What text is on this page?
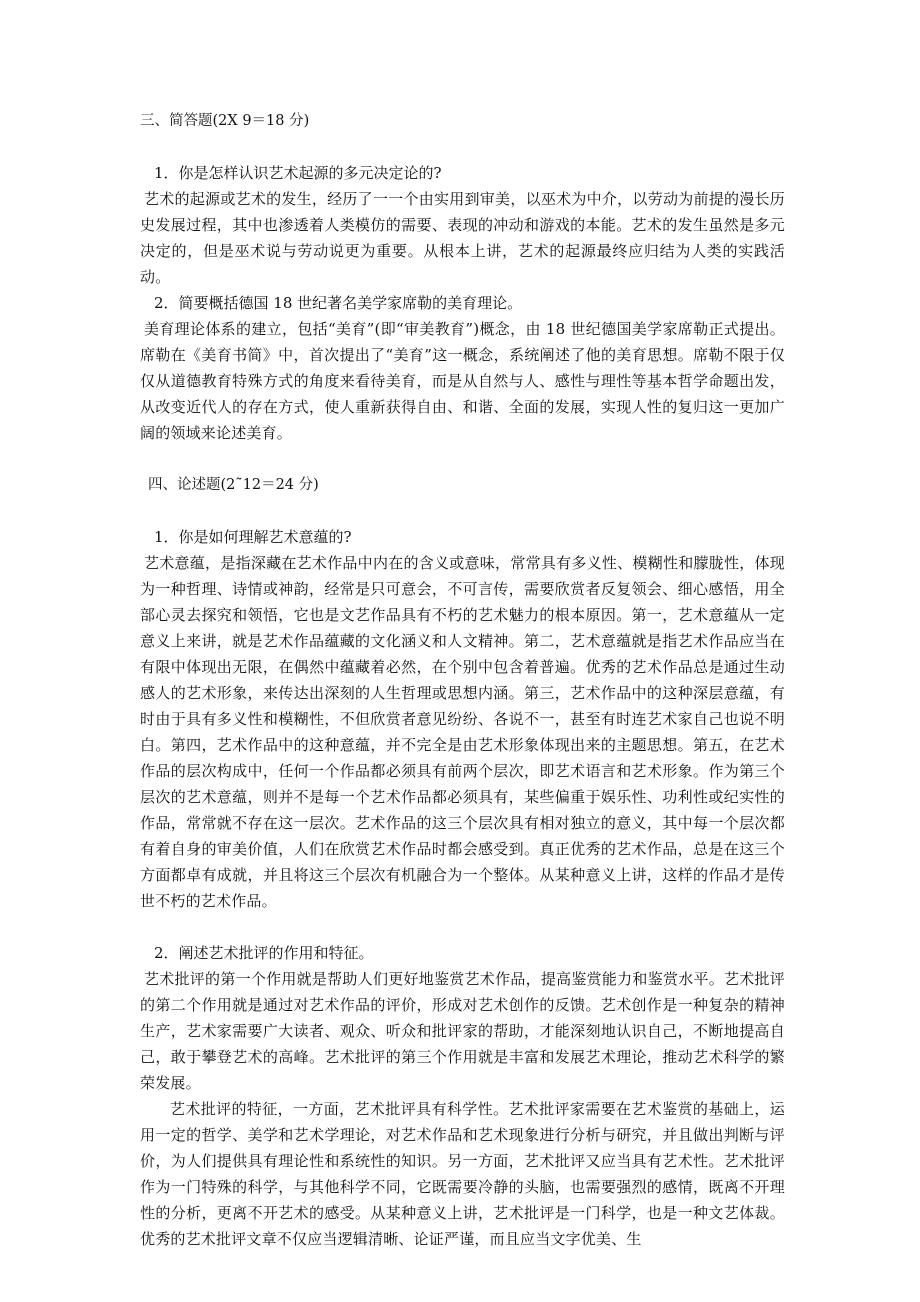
三、简答题(2X 9＝18 分)

1．你是怎样认识艺术起源的多元决定论的?

艺术的起源或艺术的发生，经历了一一个由实用到审美，以巫术为中介，以劳动为前提的漫长历史发展过程，其中也渗透着人类模仿的需要、表现的冲动和游戏的本能。艺术的发生虽然是多元决定的，但是巫术说与劳动说更为重要。从根本上讲，艺术的起源最终应归结为人类的实践活动。

2．简要概括德国 18 世纪著名美学家席勒的美育理论。

美育理论体系的建立，包括“美育”(即“审美教育”)概念，由 18 世纪德国美学家席勒正式提出。席勒在《美育书简》中，首次提出了“美育”这一概念，系统阐述了他的美育思想。席勒不限于仅仅从道德教育特殊方式的角度来看待美育，而是从自然与人、感性与理性等基本哲学命题出发，从改变近代人的存在方式，使人重新获得自由、和谐、全面的发展，实现人性的复归这一更加广阔的领域来论述美育。

四、论述题(2˜12＝24 分)

1．你是如何理解艺术意蕴的?

艺术意蕴，是指深藏在艺术作品中内在的含义或意味，常常具有多义性、模糊性和朦胧性，体现为一种哲理、诗情或神韵，经常是只可意会，不可言传，需要欣赏者反复领会、细心感悟，用全部心灵去探究和领悟，它也是文艺作品具有不朽的艺术魅力的根本原因。第一，艺术意蕴从一定意义上来讲，就是艺术作品蕴藏的文化涵义和人文精神。第二，艺术意蕴就是指艺术作品应当在有限中体现出无限，在偶然中蕴藏着必然，在个别中包含着普遍。优秀的艺术作品总是通过生动感人的艺术形象，来传达出深刻的人生哲理或思想内涵。第三，艺术作品中的这种深层意蕴，有时由于具有多义性和模糊性，不但欣赏者意见纷纷、各说不一，甚至有时连艺术家自己也说不明白。第四，艺术作品中的这种意蕴，并不完全是由艺术形象体现出来的主题思想。第五，在艺术作品的层次构成中，任何一个作品都必须具有前两个层次，即艺术语言和艺术形象。作为第三个层次的艺术意蕴，则并不是每一个艺术作品都必须具有，某些偏重于娱乐性、功利性或纪实性的作品，常常就不存在这一层次。艺术作品的这三个层次具有相对独立的意义，其中每一个层次都有着自身的审美价值，人们在欣赏艺术作品时都会感受到。真正优秀的艺术作品，总是在这三个方面都卓有成就，并且将这三个层次有机融合为一个整体。从某种意义上讲，这样的作品才是传世不朽的艺术作品。

2．阐述艺术批评的作用和特征。

艺术批评的第一个作用就是帮助人们更好地鉴赏艺术作品，提高鉴赏能力和鉴赏水平。艺术批评的第二个作用就是通过对艺术作品的评价，形成对艺术创作的反馈。艺术创作是一种复杂的精神生产，艺术家需要广大读者、观众、听众和批评家的帮助，才能深刻地认识自己，不断地提高自己，敢于攀登艺术的高峰。艺术批评的第三个作用就是丰富和发展艺术理论，推动艺术科学的繁荣发展。

艺术批评的特征，一方面，艺术批评具有科学性。艺术批评家需要在艺术鉴赏的基础上，运用一定的哲学、美学和艺术学理论，对艺术作品和艺术现象进行分析与研究，并且做出判断与评价，为人们提供具有理论性和系统性的知识。另一方面，艺术批评又应当具有艺术性。艺术批评作为一门特殊的科学，与其他科学不同，它既需要冷静的头脑，也需要强烈的感情，既离不开理性的分析，更离不开艺术的感受。从某种意义上讲，艺术批评是一门科学，也是一种文艺体裁。优秀的艺术批评文章不仅应当逻辑清晰、论证严谨，而且应当文字优美、生
